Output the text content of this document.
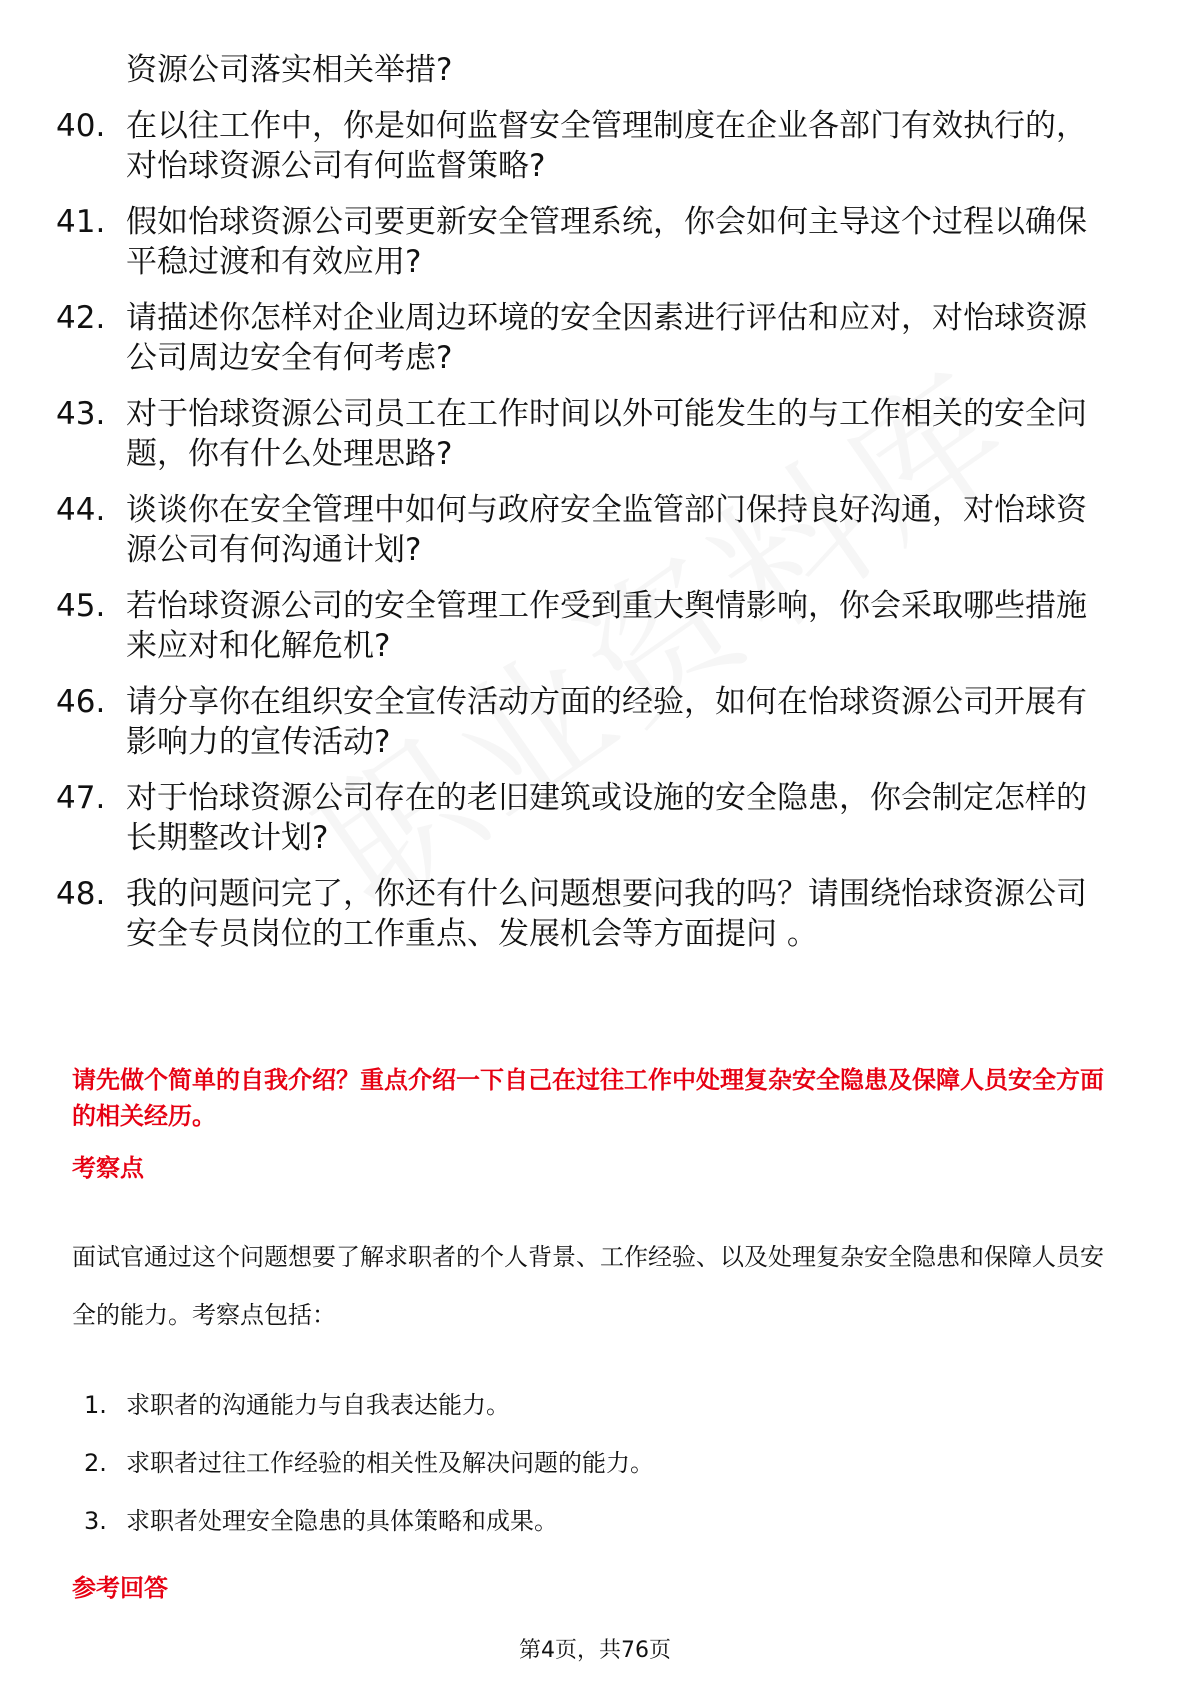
资源公司落实相关举措?
40. 在以往工作中，你是如何监督安全管理制度在企业各部门有效执行的，对怡球资源公司有何监督策略?
41. 假如怡球资源公司要更新安全管理系统，你会如何主导这个过程以确保平稳过渡和有效应用?
42. 请描述你怎样对企业周边环境的安全因素进行评估和应对，对怡球资源公司周边安全有何考虑?
43. 对于怡球资源公司员工在工作时间以外可能发生的与工作相关的安全问题，你有什么处理思路?
44. 谈谈你在安全管理中如何与政府安全监管部门保持良好沟通，对怡球资源公司有何沟通计划?
45. 若怡球资源公司的安全管理工作受到重大舆情影响，你会采取哪些措施来应对和化解危机?
46. 请分享你在组织安全宣传活动方面的经验，如何在怡球资源公司开展有影响力的宣传活动?
47. 对于怡球资源公司存在的老旧建筑或设施的安全隐患，你会制定怎样的长期整改计划?
48. 我的问题问完了，你还有什么问题想要问我的吗？请围绕怡球资源公司安全专员岗位的工作重点、发展机会等方面提问 。
请先做个简单的自我介绍？重点介绍一下自己在过往工作中处理复杂安全隐患及保障人员安全方面的相关经历。
考察点
面试官通过这个问题想要了解求职者的个人背景、工作经验、以及处理复杂安全隐患和保障人员安全的能力。考察点包括：
1. 求职者的沟通能力与自我表达能力。
2. 求职者过往工作经验的相关性及解决问题的能力。
3. 求职者处理安全隐患的具体策略和成果。
参考回答
第4页，共76页
